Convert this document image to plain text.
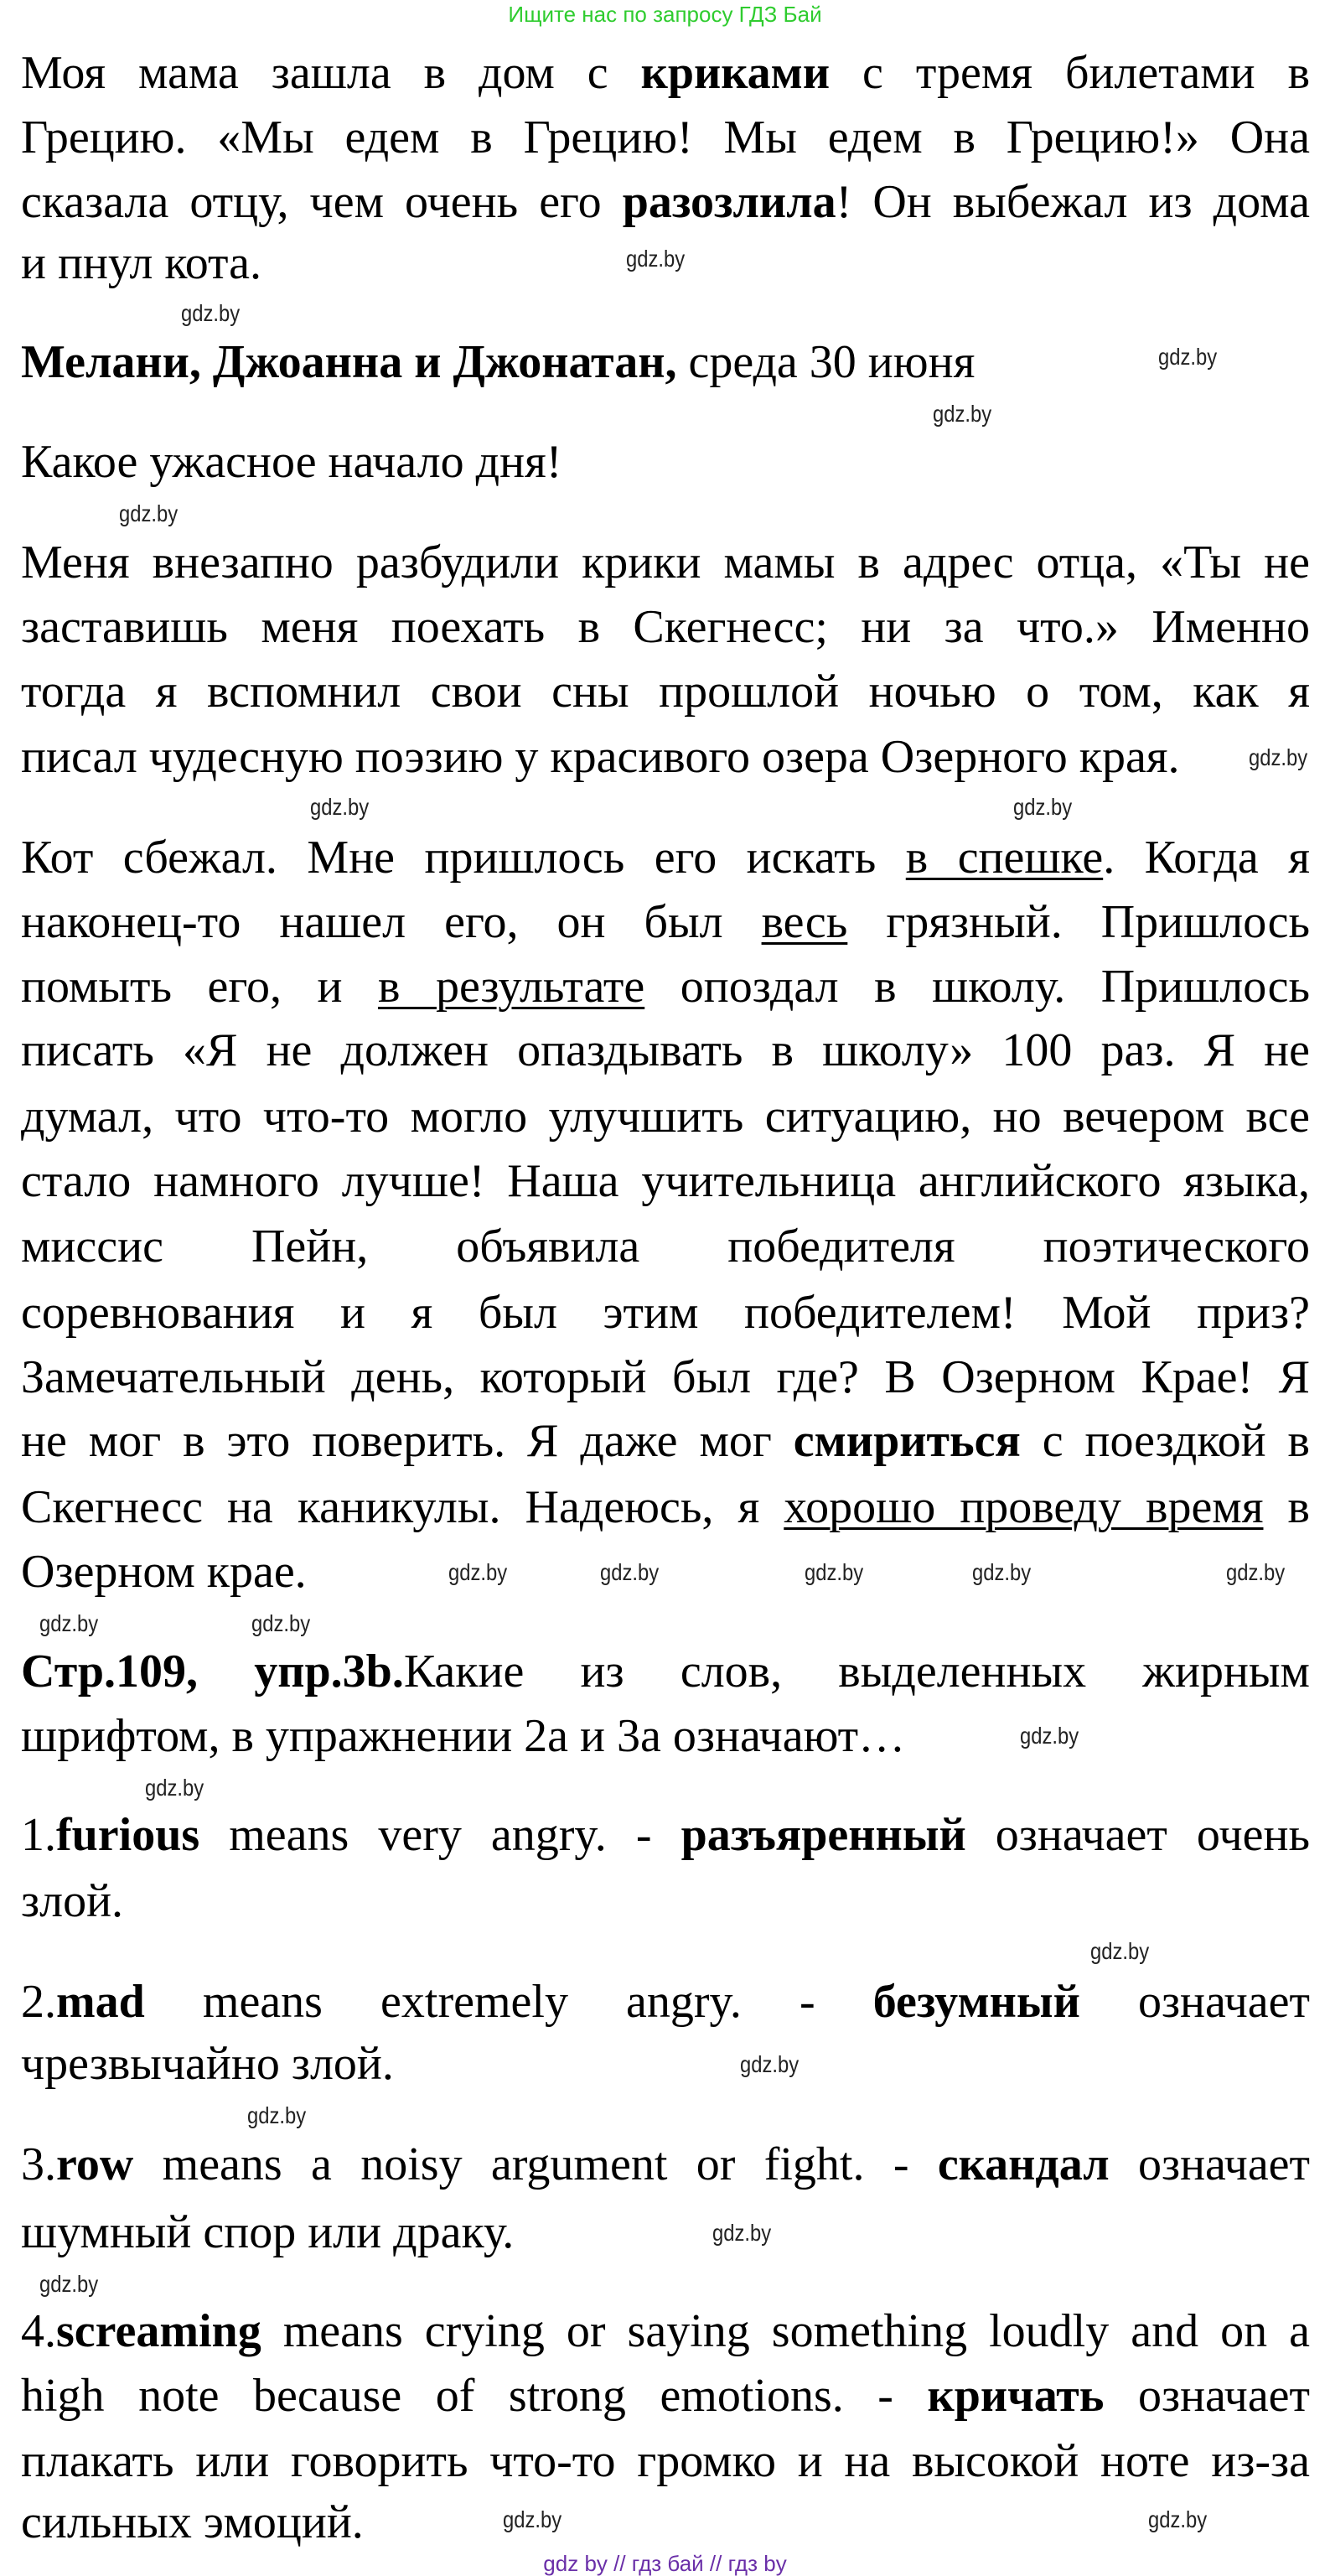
Ищите нас по запросу ГДЗ Бай
Моя мама зашла в дом с криками с тремя билетами в
Грецию. «Мы едем в Грецию! Мы едем в Грецию!» Она
сказала отцу, чем очень его разозлила! Он выбежал из дома
и пнул кота.
Мелани, Джоанна и Джонатан, среда 30 июня
Какое ужасное начало дня!
Меня внезапно разбудили крики мамы в адрес отца, «Ты не
заставишь меня поехать в Скегнесс; ни за что.» Именно
тогда я вспомнил свои сны прошлой ночью о том, как я
писал чудесную поэзию у красивого озера Озерного края.
Кот сбежал. Мне пришлось его искать в спешке. Когда я
наконец-то нашел его, он был весь грязный. Пришлось
помыть его, и в результате опоздал в школу. Пришлось
писать «Я не должен опаздывать в школу» 100 раз. Я не
думал, что что-то могло улучшить ситуацию, но вечером все
стало намного лучше! Наша учительница английского языка,
миссис Пейн, объявила победителя поэтического
соревнования и я был этим победителем! Мой приз?
Замечательный день, который был где? В Озерном Крае! Я
не мог в это поверить. Я даже мог смириться с поездкой в
Скегнесс на каникулы. Надеюсь, я хорошо проведу время в
Озерном крае.
Стр.109, упр.3b.Какие из слов, выделенных жирным
шрифтом, в упражнении 2a и 3a означают…
1.furious means very angry. - разъяренный означает очень
злой.
2.mad means extremely angry. - безумный означает
чрезвычайно злой.
3.row means a noisy argument or fight. - скандал означает
шумный спор или драку.
4.screaming means crying or saying something loudly and on a
high note because of strong emotions. - кричать означает
плакать или говорить что-то громко и на высокой ноте из-за
сильных эмоций.
gdz.by
gdz.by
gdz.by
gdz.by
gdz.by
gdz.by
gdz.by
gdz.by
gdz.by	gdz.by	gdz.by	gdz.by	gdz.by
gdz.by	gdz.by
gdz.by
gdz.by
gdz.by
gdz.by
gdz.by
gdz.by
gdz.by
gdz.by	gdz.by
gdz by // гдз бай // гдз by
